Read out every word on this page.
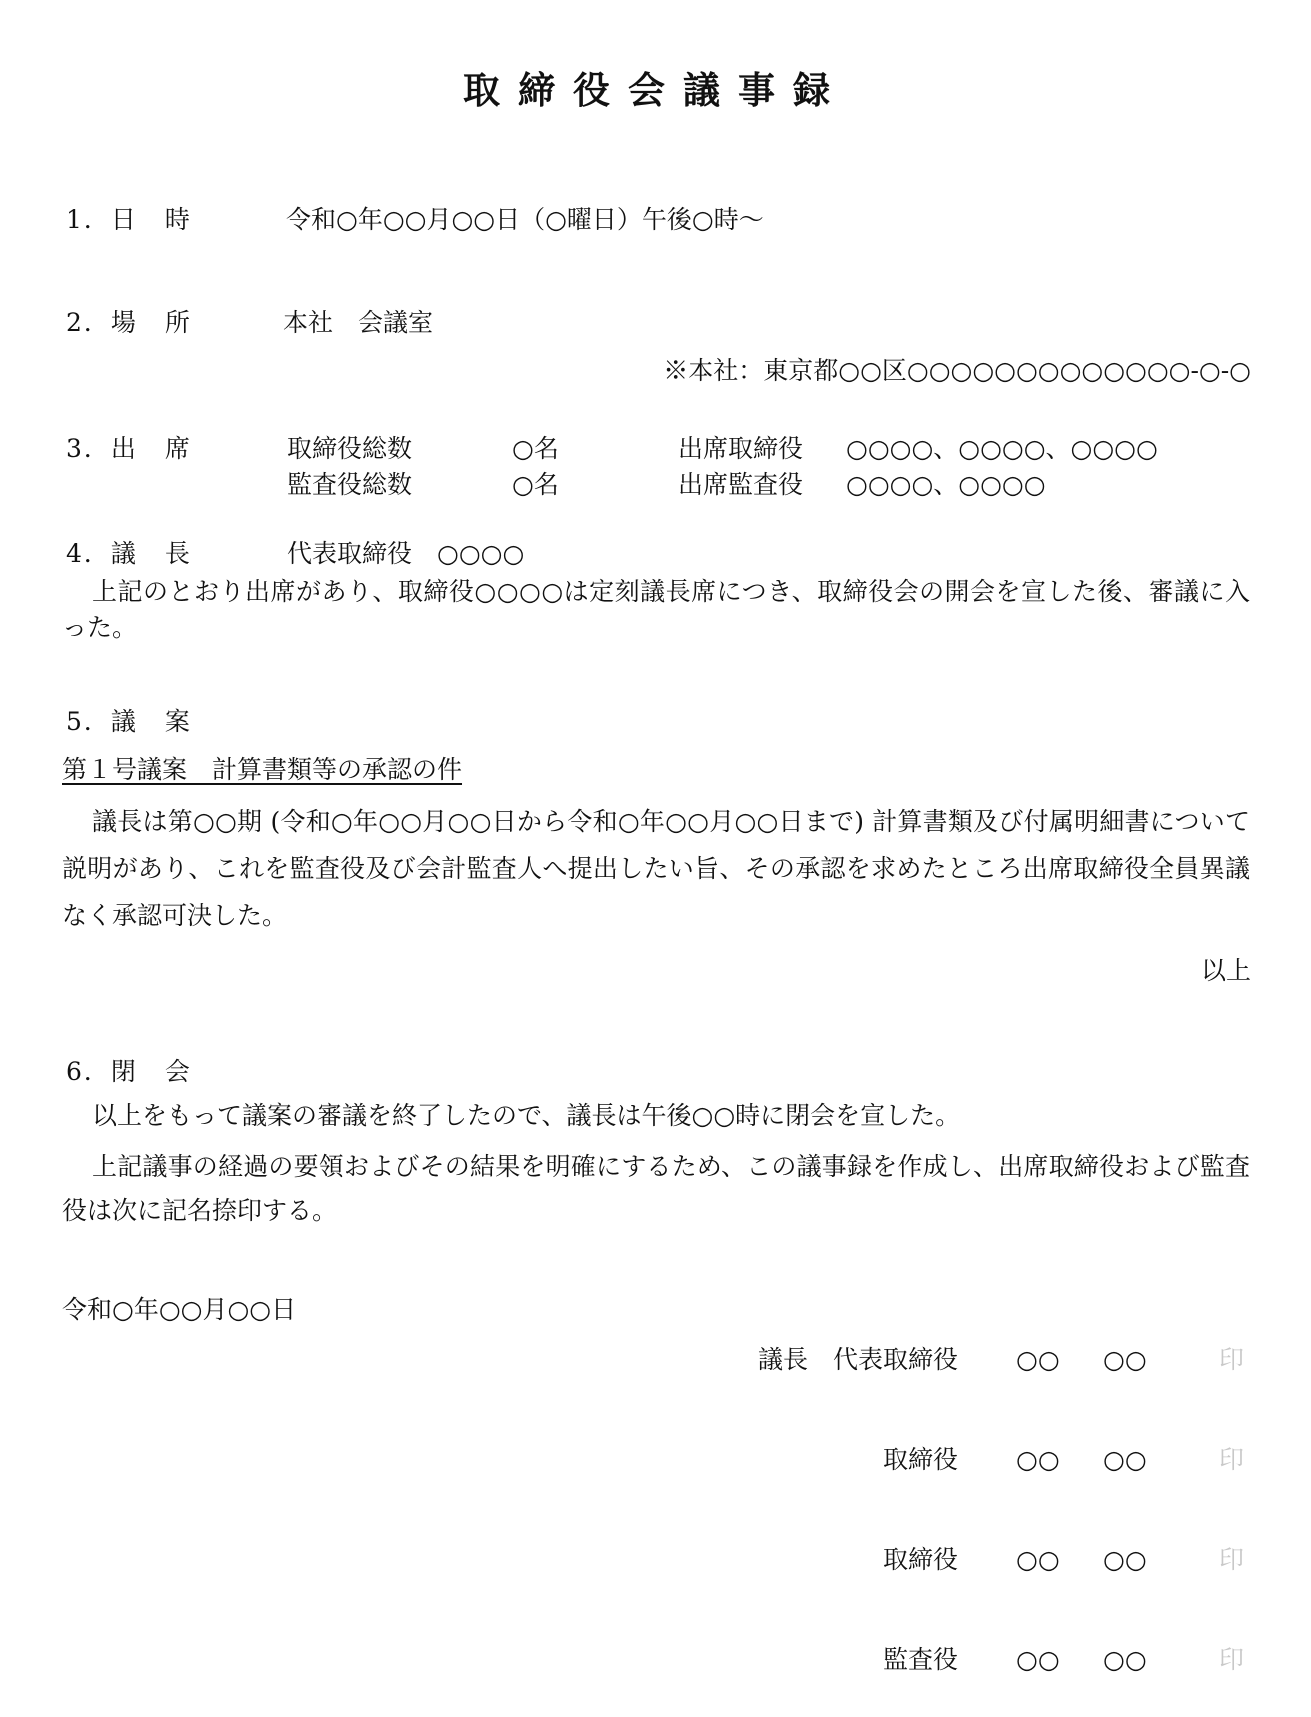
取締役会議事録
1．日　時	令和○年○○月○○日（○曜日）午後○時～
2．場　所	本社　会議室
※本社：東京都○○区○○○○○○○○○○○○○-○-○
3．出　席	取締役総数	○名	出席取締役 ○○○○、○○○○、○○○○
監査役総数	○名	出席監査役 ○○○○、○○○○
4．議　長	代表取締役　○○○○
上記のとおり出席があり、取締役○○○○は定刻議長席につき、取締役会の開会を宣した後、審議に入った。
5．議　案
第１号議案　計算書類等の承認の件
議長は第○○期 (令和○年○○月○○日から令和○年○○月○○日まで) 計算書類及び付属明細書について説明があり、これを監査役及び会計監査人へ提出したい旨、その承認を求めたところ出席取締役全員異議なく承認可決した。
以上
6．閉　会
以上をもって議案の審議を終了したので、議長は午後○○時に閉会を宣した。
上記議事の経過の要領およびその結果を明確にするため、この議事録を作成し、出席取締役および監査役は次に記名捺印する。
令和○年○○月○○日
議長　代表取締役 ○○ ○○	印
取締役 ○○ ○○	印
取締役 ○○ ○○	印
監査役 ○○ ○○	印
